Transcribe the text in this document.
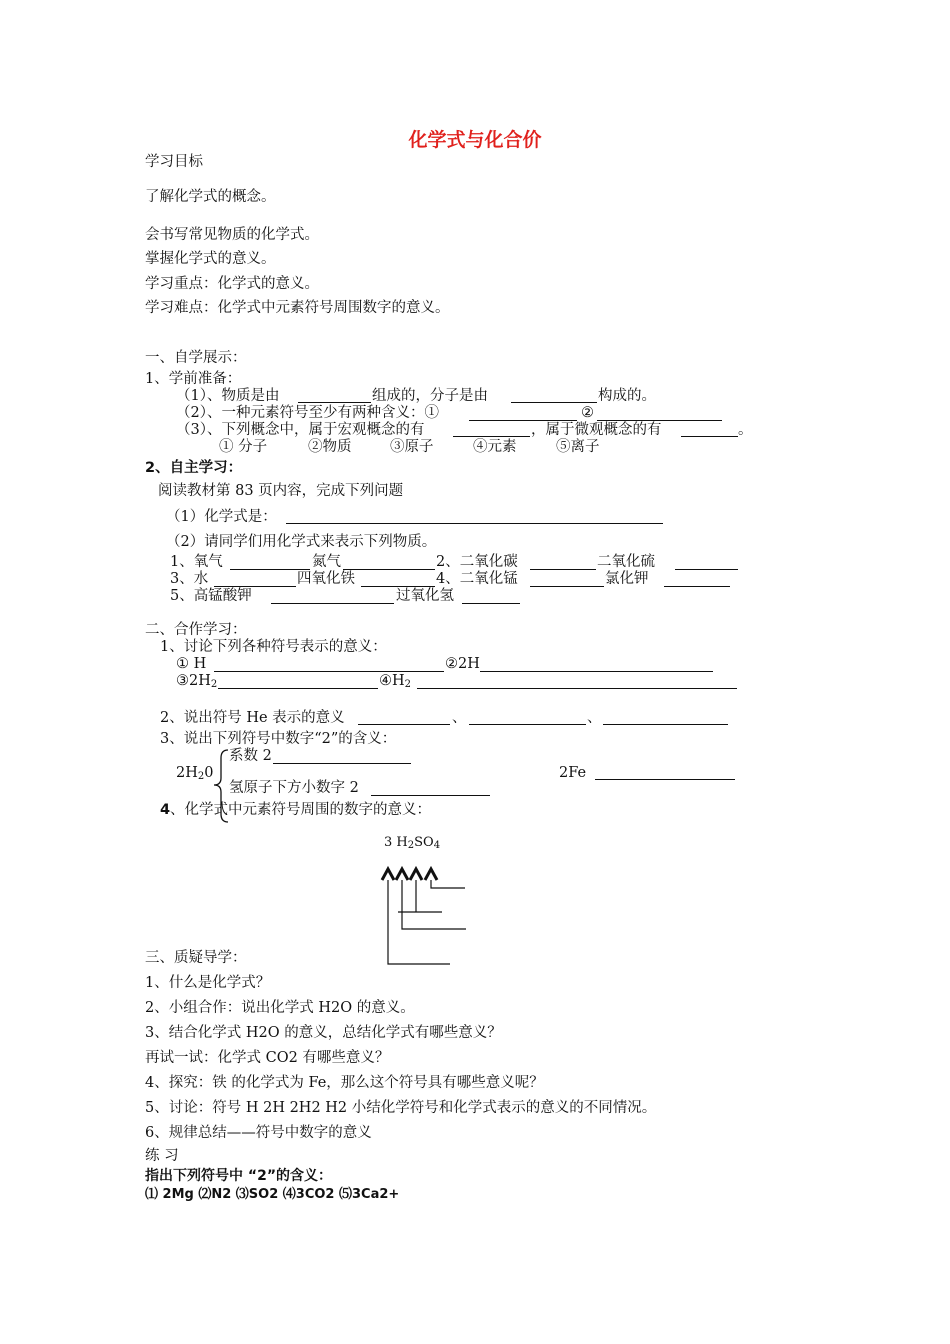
化学式与化合价
学习目标
了解化学式的概念。
会书写常见物质的化学式。
掌握化学式的意义。
学习重点：化学式的意义。
学习难点：化学式中元素符号周围数字的意义。
一、自学展示：
1、学前准备：
（1）、物质是由	组成的，分子是由	构成的。
（2）、一种元素符号至少有两种含义：①	②
（3）、下列概念中，属于宏观概念的有	，属于微观概念的有	。
① 分子	②物质	③原子	④元素	⑤离子
2、自主学习：
阅读教材第 83 页内容，完成下列问题
（1）化学式是：
（2）请同学们用化学式来表示下列物质。
1、氧气	氮气	2、二氧化碳	二氧化硫
3、水	四氧化铁	4、二氧化锰	氯化钾
5、高锰酸钾	过氧化氢
二、合作学习：
1、讨论下列各种符号表示的意义：
① H	②2H
$③2H_2$	$④H_2$
2、说出符号 He 表示的意义	、	、
3、说出下列符号中数字“2”的含义：
系数 2
$2H_20$
氢原子下方小数字 2
2Fe
4 、化学式中元素符号周围的数字的意义：
3 $H_2SO_4$
三、质疑导学：
1、什么是化学式？
2、小组合作：说出化学式 H2O 的意义。
3、结合化学式 H2O 的意义，总结化学式有哪些意义？
再试一试：化学式 CO2 有哪些意义？
4、探究：铁 的化学式为 Fe，那么这个符号具有哪些意义呢？
5、讨论：符号 H 2H 2H2 H2 小结化学符号和化学式表示的意义的不同情况。
6、规律总结——符号中数字的意义
练 习
指出下列符号中 “2”的含义：
⑴ 2Mg ⑵N2 ⑶SO2 ⑷3CO2 ⑸3Ca2+
